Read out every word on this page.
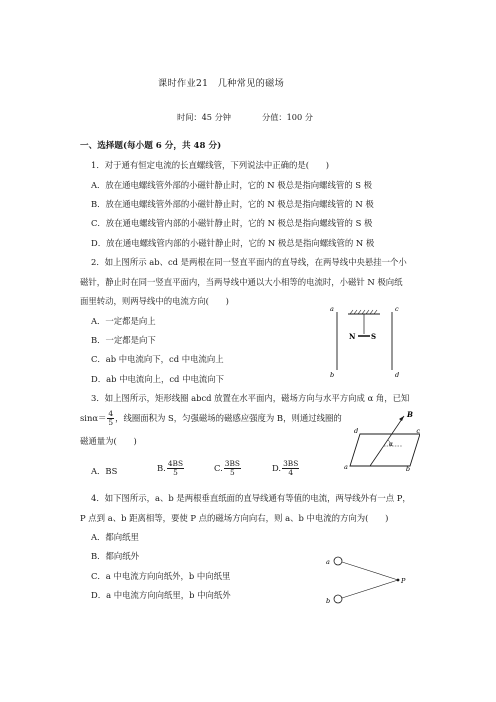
课时作业21　几种常见的磁场
时间：45 分钟	分值：100 分
一、选择题(每小题 6 分，共 48 分)
1．对于通有恒定电流的长直螺线管，下列说法中正确的是(　　)
A．放在通电螺线管外部的小磁针静止时，它的 N 极总是指向螺线管的 S 极
B．放在通电螺线管外部的小磁针静止时，它的 N 极总是指向螺线管的 N 极
C．放在通电螺线管内部的小磁针静止时，它的 N 极总是指向螺线管的 S 极
D．放在通电螺线管内部的小磁针静止时，它的 N 极总是指向螺线管的 N 极
2．如上图所示 ab、cd 是两根在同一竖直平面内的直导线，在两导线中央悬挂一个小
磁针，静止时在同一竖直平面内，当两导线中通以大小相等的电流时，小磁针 N 极向纸
面里转动，则两导线中的电流方向(　　)
A．一定都是向上
B．一定都是向下
C．ab 中电流向下，cd 中电流向上
D．ab 中电流向上，cd 中电流向下
N S
a
b
c
d
3．如上图所示，矩形线圈 abcd 放置在水平面内，磁场方向与水平方向成 α 角，已知
$\sin\alpha= \frac{4}{5}$ ，线圈面积为 S，匀强磁场的磁感应强度为 B，则通过线圈的
磁通量为(　　)
A．BS	B. $\frac{4BS}{5}$	C. $\frac{3BS}{5}$	D. $\frac{3BS}{4}$
B
α
d	c
a	b
4．如下图所示，a、b 是两根垂直纸面的直导线通有等值的电流，两导线外有一点 P，
P 点到 a、b 距离相等，要使 P 点的磁场方向向右，则 a、b 中电流的方向为(　　)
A．都向纸里
B．都向纸外
C．a 中电流方向向纸外，b 中向纸里
D．a 中电流方向向纸里，b 中向纸外
a
b
P
